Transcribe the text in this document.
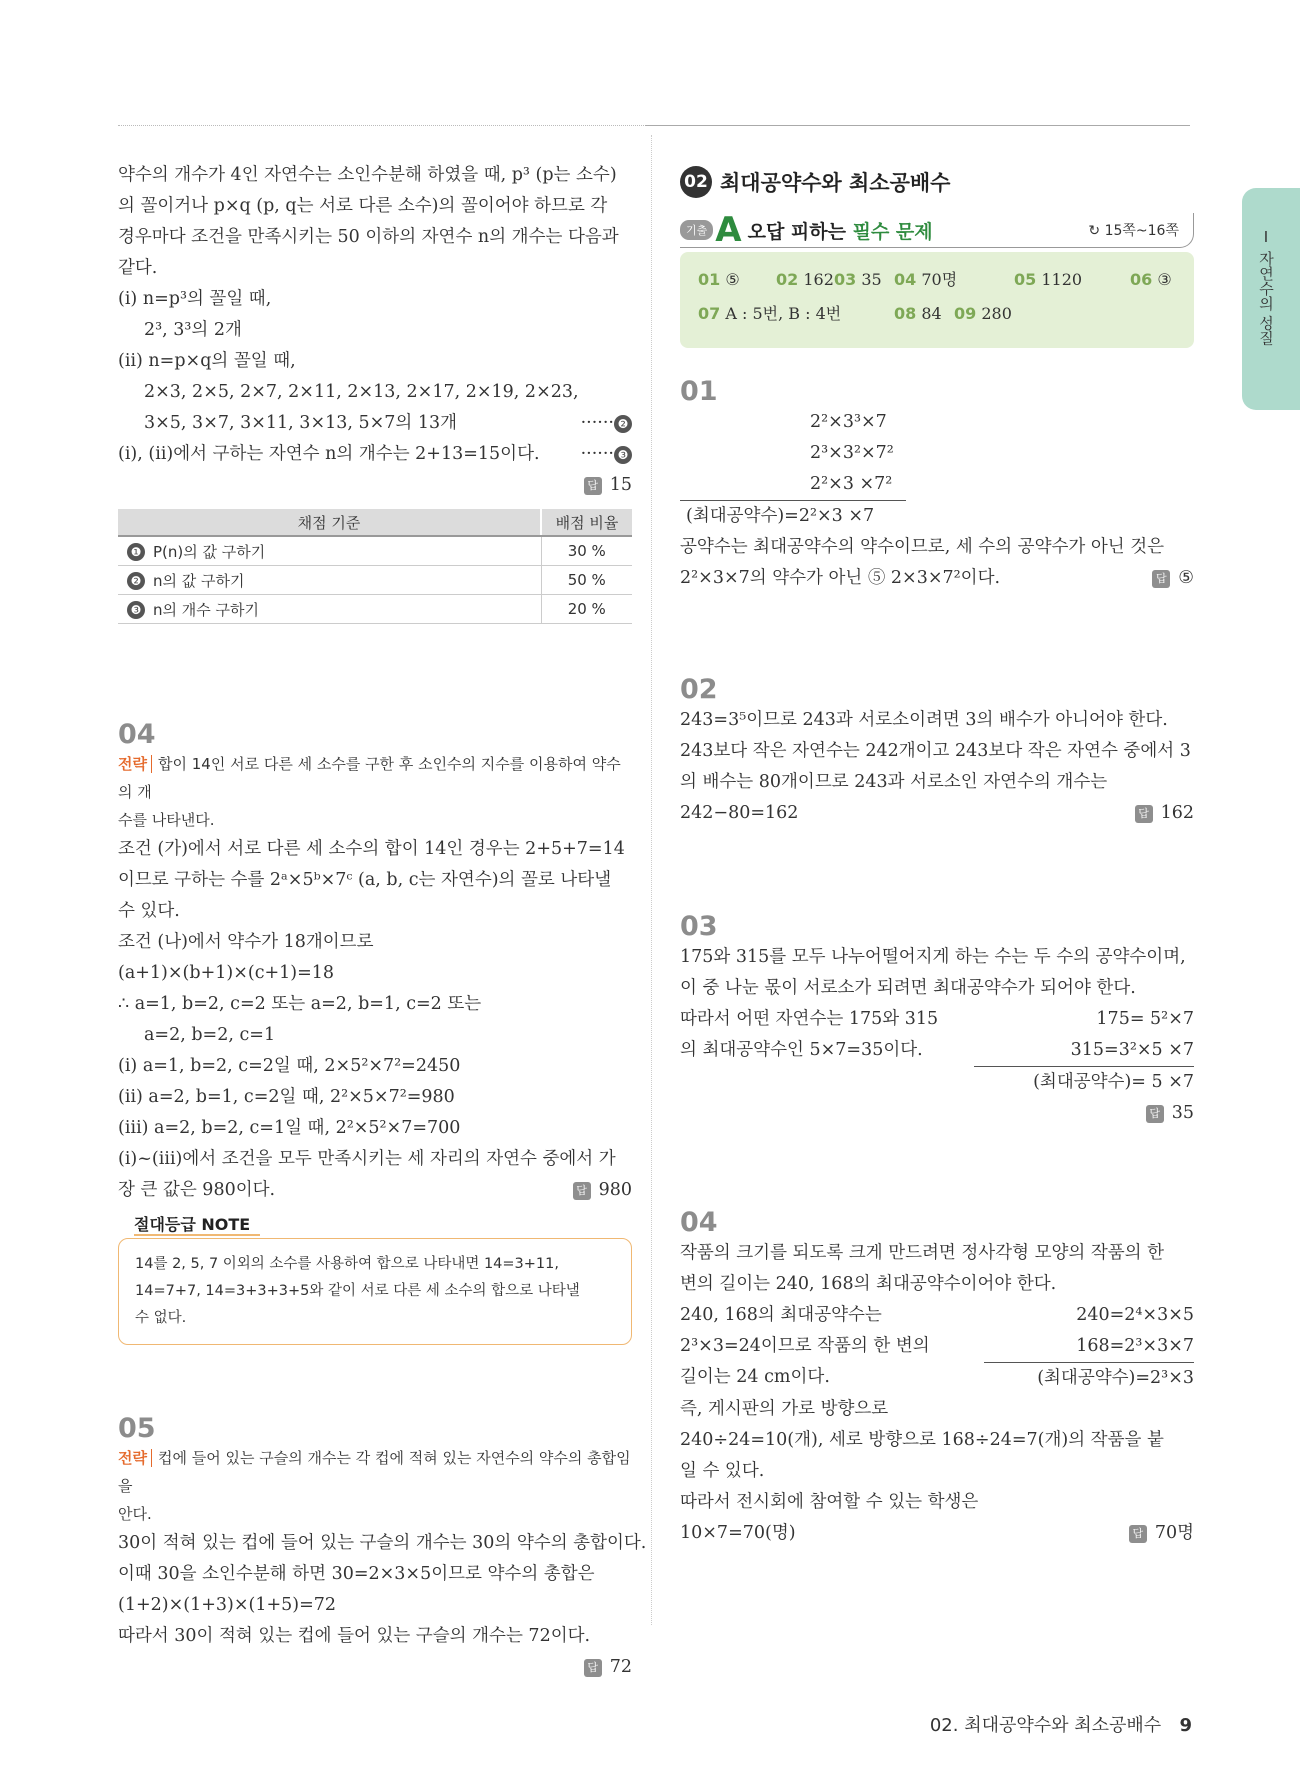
약수의 개수가 4인 자연수는 소인수분해 하였을 때, p³ (p는 소수)

의 꼴이거나 p×q (p, q는 서로 다른 소수)의 꼴이어야 하므로 각

경우마다 조건을 만족시키는 50 이하의 자연수 n의 개수는 다음과

같다.

(ⅰ) n=p³의 꼴일 때,

2³, 3³의 2개

(ⅱ) n=p×q의 꼴일 때,

2×3, 2×5, 2×7, 2×11, 2×13, 2×17, 2×19, 2×23,

3×5, 3×7, 3×11, 3×13, 5×7의 13개	······ ❷

(ⅰ), (ⅱ)에서 구하는 자연수 n의 개수는 2+13=15이다. ······ ❸
답 15
채점 기준	배점 비율
❶ P(n)의 값 구하기	30 %
❷ n의 값 구하기	50 %
❸ n의 개수 구하기	20 %
04
전략 합이 14인 서로 다른 세 소수를 구한 후 소인수의 지수를 이용하여 약수의 개
수를 나타낸다.

조건 (가)에서 서로 다른 세 소수의 합이 14인 경우는 2+5+7=14

이므로 구하는 수를 2ᵃ×5ᵇ×7ᶜ (a, b, c는 자연수)의 꼴로 나타낼

수 있다.

조건 (나)에서 약수가 18개이므로

(a+1)×(b+1)×(c+1)=18

∴ a=1, b=2, c=2 또는 a=2, b=1, c=2 또는

a=2, b=2, c=1

(ⅰ) a=1, b=2, c=2일 때, 2×5²×7²=2450

(ⅱ) a=2, b=1, c=2일 때, 2²×5×7²=980

(ⅲ) a=2, b=2, c=1일 때, 2²×5²×7=700

(ⅰ)~(ⅲ)에서 조건을 모두 만족시키는 세 자리의 자연수 중에서 가

장 큰 값은 980이다.	답 980
절대등급 NOTE
14를 2, 5, 7 이외의 소수를 사용하여 합으로 나타내면 14=3+11,
14=7+7, 14=3+3+3+5와 같이 서로 다른 세 소수의 합으로 나타낼
수 없다.
05
전략 컵에 들어 있는 구슬의 개수는 각 컵에 적혀 있는 자연수의 약수의 총합임을
안다.

30이 적혀 있는 컵에 들어 있는 구슬의 개수는 30의 약수의 총합이다.

이때 30을 소인수분해 하면 30=2×3×5이므로 약수의 총합은

(1+2)×(1+3)×(1+5)=72

따라서 30이 적혀 있는 컵에 들어 있는 구슬의 개수는 72이다.

답 72
02 최대공약수와 최소공배수
기출 A 오답 피하는 필수 문제	↻ 15쪽~16쪽
01 ⑤ 02 162 03 35 04 70명	05 1120	06 ③
07 A : 5번, B : 4번	08 84 09 280
01

2²×3³×7

2³×3²×7²

2²×3 ×7²

(최대공약수)=2²×3 ×7

공약수는 최대공약수의 약수이므로, 세 수의 공약수가 아닌 것은

2²×3×7의 약수가 아닌 ⑤ 2×3×7²이다.	답 ⑤
02

243=3⁵이므로 243과 서로소이려면 3의 배수가 아니어야 한다.

243보다 작은 자연수는 242개이고 243보다 작은 자연수 중에서 3

의 배수는 80개이므로 243과 서로소인 자연수의 개수는

242−80=162	답 162
03

175와 315를 모두 나누어떨어지게 하는 수는 두 수의 공약수이며,

이 중 나눈 몫이 서로소가 되려면 최대공약수가 되어야 한다.

따라서 어떤 자연수는 175와 315

의 최대공약수인 5×7=35이다.

175= 5²×7

315=3²×5 ×7

(최대공약수)= 5 ×7

답 35
04

작품의 크기를 되도록 크게 만드려면 정사각형 모양의 작품의 한

변의 길이는 240, 168의 최대공약수이어야 한다.

240, 168의 최대공약수는

2³×3=24이므로 작품의 한 변의

길이는 24 cm이다.

240=2⁴×3×5

168=2³×3×7

(최대공약수)=2³×3

즉, 게시판의 가로 방향으로

240÷24=10(개), 세로 방향으로 168÷24=7(개)의 작품을 붙

일 수 있다.

따라서 전시회에 참여할 수 있는 학생은

10×7=70(명)	답 70명
Ⅰ 자연수의 성질
02. 최대공약수와 최소공배수 9
